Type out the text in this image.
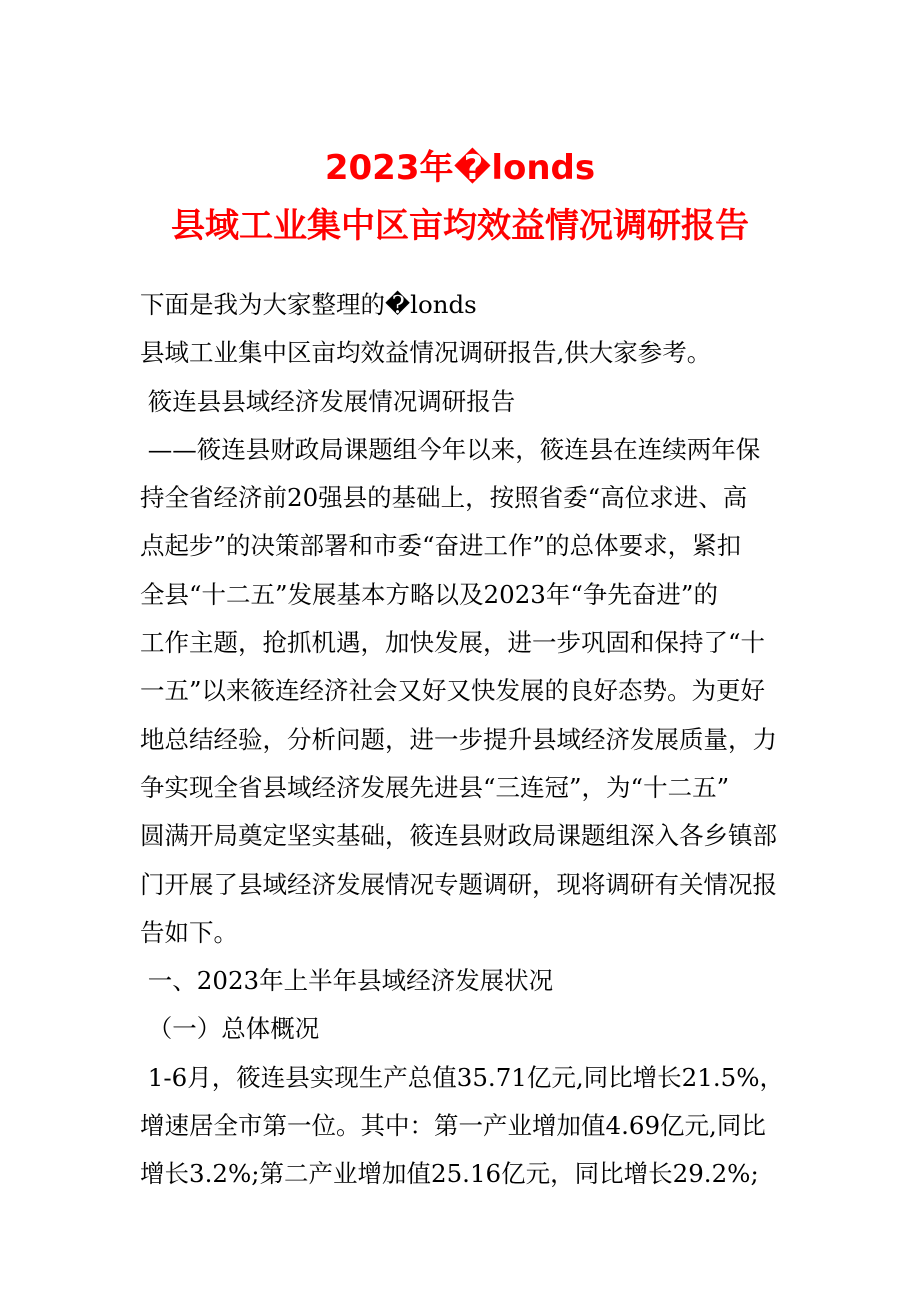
2023年�londs
县域工业集中区亩均效益情况调研报告
下面是我为大家整理的�londs
县域工业集中区亩均效益情况调研报告,供大家参考。
筱连县县域经济发展情况调研报告
——筱连县财政局课题组今年以来，筱连县在连续两年保
持全省经济前20强县的基础上，按照省委“高位求进、高
点起步”的决策部署和市委“奋进工作”的总体要求，紧扣
全县“十二五”发展基本方略以及2023年“争先奋进”的
工作主题，抢抓机遇，加快发展，进一步巩固和保持了“十
一五”以来筱连经济社会又好又快发展的良好态势。为更好
地总结经验，分析问题，进一步提升县域经济发展质量，力
争实现全省县域经济发展先进县“三连冠”，为“十二五”
圆满开局奠定坚实基础，筱连县财政局课题组深入各乡镇部
门开展了县域经济发展情况专题调研，现将调研有关情况报
告如下。
一、2023年上半年县域经济发展状况
（一）总体概况
1-6月，筱连县实现生产总值35.71亿元,同比增长21.5%，
增速居全市第一位。其中：第一产业增加值4.69亿元,同比
增长3.2%;第二产业增加值25.16亿元，同比增长29.2%;
